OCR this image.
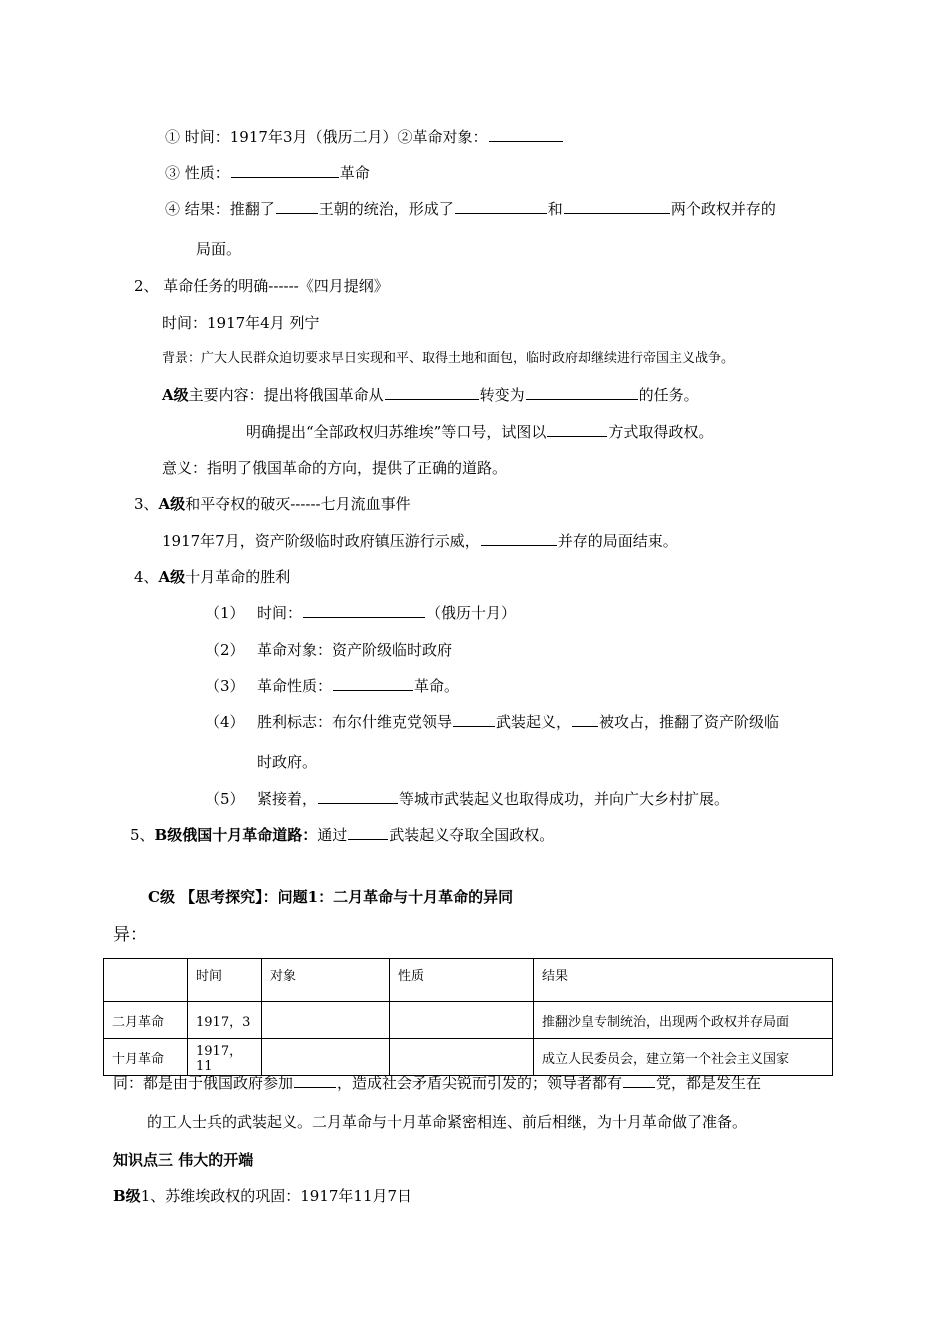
① 时间：1917年3月（俄历二月）②革命对象：
③ 性质：	革命
④ 结果：推翻了	王朝的统治，形成了	和	两个政权并存的
局面。
2、 革命任务的明确------《四月提纲》
时间：1917年4月 列宁
背景：广大人民群众迫切要求早日实现和平、取得土地和面包，临时政府却继续进行帝国主义战争。
A级主要内容：提出将俄国革命从	转变为	的任务。
明确提出“全部政权归苏维埃”等口号，试图以	方式取得政权。
意义：指明了俄国革命的方向，提供了正确的道路。
3、A级和平夺权的破灭------七月流血事件
1917年7月，资产阶级临时政府镇压游行示威，	并存的局面结束。
4、A级十月革命的胜利
（1） 时间：	（俄历十月）
（2） 革命对象：资产阶级临时政府
（3） 革命性质：	革命。
（4） 胜利标志：布尔什维克党领导	武装起义， 被攻占，推翻了资产阶级临
时政府。
（5） 紧接着，	等城市武装起义也取得成功，并向广大乡村扩展。
5、B级俄国十月革命道路：通过	武装起义夺取全国政权。
C级 【思考探究】：问题1：二月革命与十月革命的异同
异：
	时间	对象	性质	结果
二月革命	1917，3			推翻沙皇专制统治，出现两个政权并存局面
十月革命	1917，11			成立人民委员会，建立第一个社会主义国家
同：都是由于俄国政府参加	，造成社会矛盾尖锐而引发的；领导者都有 党，都是发生在
的工人士兵的武装起义。二月革命与十月革命紧密相连、前后相继，为十月革命做了准备。
知识点三 伟大的开端
B级1、苏维埃政权的巩固：1917年11月7日
